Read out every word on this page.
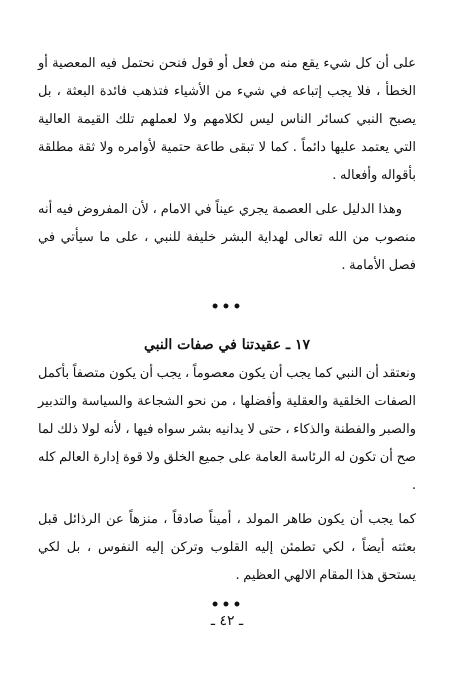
على أن كل شيء يقع منه من فعل أو قول فنحن نحتمل فيه المعصية أو الخطأ ، فلا يجب إتباعه في شيء من الأشياء فتذهب فائدة البعثة ، بل يصبح النبي كسائر الناس ليس لكلامهم ولا لعملهم تلك القيمة العالية التي يعتمد عليها دائماً . كما لا تبقى طاعة حتمية لأوامره ولا ثقة مطلقة بأقواله وأفعاله .

وهذا الدليل على العصمة يجري عيناً في الامام ، لأن المفروض فيه أنه منصوب من الله تعالى لهداية البشر خليفة للنبي ، على ما سيأتي في فصل الأمامة .

•••
١٧ ـ عقيدتنا في صفات النبي

ونعتقد أن النبي كما يجب أن يكون معصوماً ، يجب أن يكون متصفاً بأكمل الصفات الخلقية والعقلية وأفضلها ، من نحو الشجاعة والسياسة والتدبير والصبر والفطنة والذكاء ، حتى لا يدانيه بشر سواه فيها ، لأنه لولا ذلك لما صح أن تكون له الرئاسة العامة على جميع الخلق ولا قوة إدارة العالم كله .

كما يجب أن يكون طاهر المولد ، أميناً صادقاً ، منزهاً عن الرذائل قبل بعثته أيضاً ، لكي تطمئن إليه القلوب وتركن إليه النفوس ، بل لكي يستحق هذا المقام الالهي العظيم .

•••
ـ ٤٢ ـ
